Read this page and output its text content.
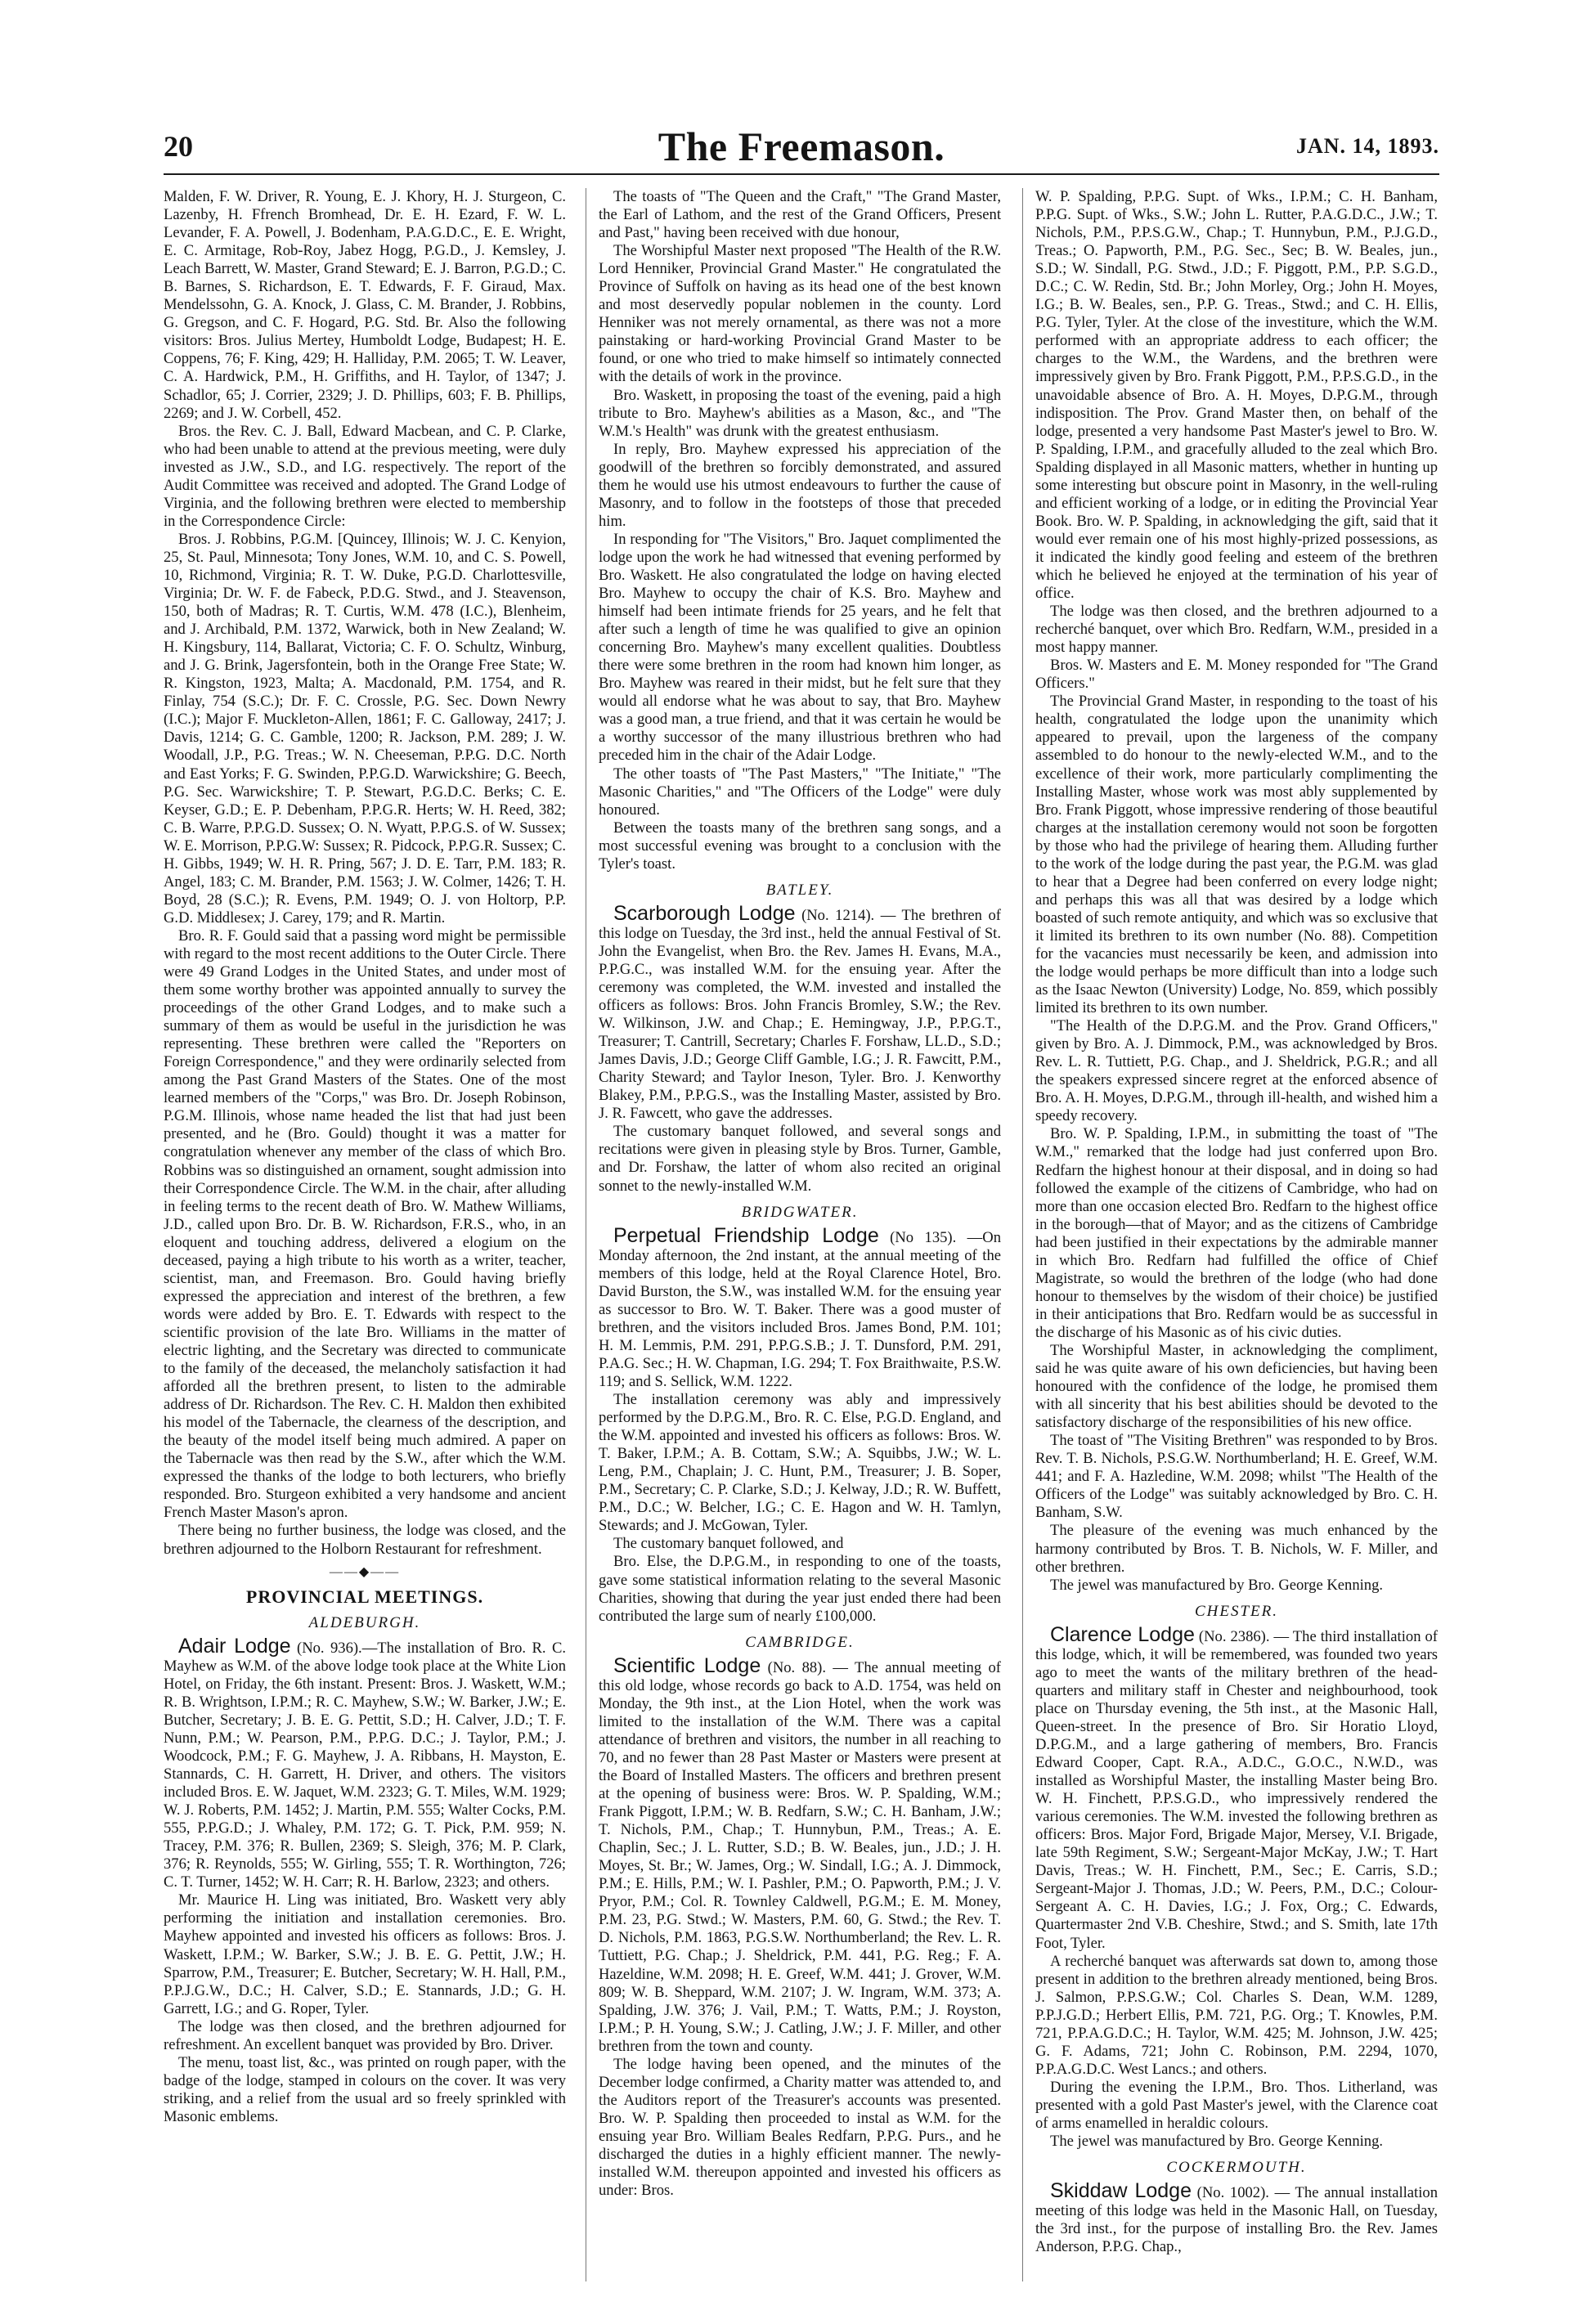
20	The Freemason.	JAN. 14, 1893.

Malden, F. W. Driver, R. Young, E. J. Khory, H. J. Sturgeon, C. Lazenby, H. Ffrench Bromhead, Dr. E. H. Ezard, F. W. L. Levander, F. A. Powell, J. Bodenham, P.A.G.D.C., E. E. Wright, E. C. Armitage, Rob-Roy, Jabez Hogg, P.G.D., J. Kemsley, J. Leach Barrett, W. Master, Grand Steward; E. J. Barron, P.G.D.; C. B. Barnes, S. Richardson, E. T. Edwards, F. F. Giraud, Max. Mendelssohn, G. A. Knock, J. Glass, C. M. Brander, J. Robbins, G. Gregson, and C. F. Hogard, P.G. Std. Br. Also the following visitors: Bros. Julius Mertey, Humboldt Lodge, Budapest; H. E. Coppens, 76; F. King, 429; H. Halliday, P.M. 2065; T. W. Leaver, C. A. Hardwick, P.M., H. Griffiths, and H. Taylor, of 1347; J. Schadlor, 65; J. Corrier, 2329; J. D. Phillips, 603; F. B. Phillips, 2269; and J. W. Corbell, 452.

Bros. the Rev. C. J. Ball, Edward Macbean, and C. P. Clarke, who had been unable to attend at the previous meeting, were duly invested as J.W., S.D., and I.G. respectively. The report of the Audit Committee was received and adopted. The Grand Lodge of Virginia, and the following brethren were elected to membership in the Correspondence Circle:

Bros. J. Robbins, P.G.M. [Quincey, Illinois; W. J. C. Kenyion, 25, St. Paul, Minnesota; Tony Jones, W.M. 10, and C. S. Powell, 10, Richmond, Virginia; R. T. W. Duke, P.G.D. Charlottesville, Virginia; Dr. W. F. de Fabeck, P.D.G. Stwd., and J. Steavenson, 150, both of Madras; R. T. Curtis, W.M. 478 (I.C.), Blenheim, and J. Archibald, P.M. 1372, Warwick, both in New Zealand; W. H. Kingsbury, 114, Ballarat, Victoria; C. F. O. Schultz, Winburg, and J. G. Brink, Jagersfontein, both in the Orange Free State; W. R. Kingston, 1923, Malta; A. Macdonald, P.M. 1754, and R. Finlay, 754 (S.C.); Dr. F. C. Crossle, P.G. Sec. Down Newry (I.C.); Major F. Muckleton-Allen, 1861; F. C. Galloway, 2417; J. Davis, 1214; G. C. Gamble, 1200; R. Jackson, P.M. 289; J. W. Woodall, J.P., P.G. Treas.; W. N. Cheeseman, P.P.G. D.C. North and East Yorks; F. G. Swinden, P.P.G.D. Warwickshire; G. Beech, P.G. Sec. Warwickshire; T. P. Stewart, P.G.D.C. Berks; C. E. Keyser, G.D.; E. P. Debenham, P.P.G.R. Herts; W. H. Reed, 382; C. B. Warre, P.P.G.D. Sussex; O. N. Wyatt, P.P.G.S. of W. Sussex; W. E. Morrison, P.P.G.W: Sussex; R. Pidcock, P.P.G.R. Sussex; C. H. Gibbs, 1949; W. H. R. Pring, 567; J. D. E. Tarr, P.M. 183; R. Angel, 183; C. M. Brander, P.M. 1563; J. W. Colmer, 1426; T. H. Boyd, 28 (S.C.); R. Evens, P.M. 1949; O. J. von Holtorp, P.P. G.D. Middlesex; J. Carey, 179; and R. Martin.

Bro. R. F. Gould said that a passing word might be permissible with regard to the most recent additions to the Outer Circle. There were 49 Grand Lodges in the United States, and under most of them some worthy brother was appointed annually to survey the proceedings of the other Grand Lodges, and to make such a summary of them as would be useful in the jurisdiction he was representing. These brethren were called the "Reporters on Foreign Correspondence," and they were ordinarily selected from among the Past Grand Masters of the States. One of the most learned members of the "Corps," was Bro. Dr. Joseph Robinson, P.G.M. Illinois, whose name headed the list that had just been presented, and he (Bro. Gould) thought it was a matter for congratulation whenever any member of the class of which Bro. Robbins was so distinguished an ornament, sought admission into their Correspondence Circle. The W.M. in the chair, after alluding in feeling terms to the recent death of Bro. W. Mathew Williams, J.D., called upon Bro. Dr. B. W. Richardson, F.R.S., who, in an eloquent and touching address, delivered a elogium on the deceased, paying a high tribute to his worth as a writer, teacher, scientist, man, and Freemason. Bro. Gould having briefly expressed the appreciation and interest of the brethren, a few words were added by Bro. E. T. Edwards with respect to the scientific provision of the late Bro. Williams in the matter of electric lighting, and the Secretary was directed to communicate to the family of the deceased, the melancholy satisfaction it had afforded all the brethren present, to listen to the admirable address of Dr. Richardson. The Rev. C. H. Maldon then exhibited his model of the Tabernacle, the clearness of the description, and the beauty of the model itself being much admired. A paper on the Tabernacle was then read by the S.W., after which the W.M. expressed the thanks of the lodge to both lecturers, who briefly responded. Bro. Sturgeon exhibited a very handsome and ancient French Master Mason's apron.

There being no further business, the lodge was closed, and the brethren adjourned to the Holborn Restaurant for refreshment.

——◆——
PROVINCIAL MEETINGS.
ALDEBURGH.

Adair Lodge (No. 936).—The installation of Bro. R. C. Mayhew as W.M. of the above lodge took place at the White Lion Hotel, on Friday, the 6th instant. Present: Bros. J. Waskett, W.M.; R. B. Wrightson, I.P.M.; R. C. Mayhew, S.W.; W. Barker, J.W.; E. Butcher, Secretary; J. B. E. G. Pettit, S.D.; H. Calver, J.D.; T. F. Nunn, P.M.; W. Pearson, P.M., P.P.G. D.C.; J. Taylor, P.M.; J. Woodcock, P.M.; F. G. Mayhew, J. A. Ribbans, H. Mayston, E. Stannards, C. H. Garrett, H. Driver, and others. The visitors included Bros. E. W. Jaquet, W.M. 2323; G. T. Miles, W.M. 1929; W. J. Roberts, P.M. 1452; J. Martin, P.M. 555; Walter Cocks, P.M. 555, P.P.G.D.; J. Whaley, P.M. 172; G. T. Pick, P.M. 959; N. Tracey, P.M. 376; R. Bullen, 2369; S. Sleigh, 376; M. P. Clark, 376; R. Reynolds, 555; W. Girling, 555; T. R. Worthington, 726; C. T. Turner, 1452; W. H. Carr; R. H. Barlow, 2323; and others.

Mr. Maurice H. Ling was initiated, Bro. Waskett very ably performing the initiation and installation ceremonies. Bro. Mayhew appointed and invested his officers as follows: Bros. J. Waskett, I.P.M.; W. Barker, S.W.; J. B. E. G. Pettit, J.W.; H. Sparrow, P.M., Treasurer; E. Butcher, Secretary; W. H. Hall, P.M., P.P.J.G.W., D.C.; H. Calver, S.D.; E. Stannards, J.D.; G. H. Garrett, I.G.; and G. Roper, Tyler.

The lodge was then closed, and the brethren adjourned for refreshment. An excellent banquet was provided by Bro. Driver.

The menu, toast list, &c., was printed on rough paper, with the badge of the lodge, stamped in colours on the cover. It was very striking, and a relief from the usual ard so freely sprinkled with Masonic emblems.

The toasts of "The Queen and the Craft," "The Grand Master, the Earl of Lathom, and the rest of the Grand Officers, Present and Past," having been received with due honour,

The Worshipful Master next proposed "The Health of the R.W. Lord Henniker, Provincial Grand Master." He congratulated the Province of Suffolk on having as its head one of the best known and most deservedly popular noblemen in the county. Lord Henniker was not merely ornamental, as there was not a more painstaking or hard-working Provincial Grand Master to be found, or one who tried to make himself so intimately connected with the details of work in the province.

Bro. Waskett, in proposing the toast of the evening, paid a high tribute to Bro. Mayhew's abilities as a Mason, &c., and "The W.M.'s Health" was drunk with the greatest enthusiasm.

In reply, Bro. Mayhew expressed his appreciation of the goodwill of the brethren so forcibly demonstrated, and assured them he would use his utmost endeavours to further the cause of Masonry, and to follow in the footsteps of those that preceded him.

In responding for "The Visitors," Bro. Jaquet complimented the lodge upon the work he had witnessed that evening performed by Bro. Waskett. He also congratulated the lodge on having elected Bro. Mayhew to occupy the chair of K.S. Bro. Mayhew and himself had been intimate friends for 25 years, and he felt that after such a length of time he was qualified to give an opinion concerning Bro. Mayhew's many excellent qualities. Doubtless there were some brethren in the room had known him longer, as Bro. Mayhew was reared in their midst, but he felt sure that they would all endorse what he was about to say, that Bro. Mayhew was a good man, a true friend, and that it was certain he would be a worthy successor of the many illustrious brethren who had preceded him in the chair of the Adair Lodge.

The other toasts of "The Past Masters," "The Initiate," "The Masonic Charities," and "The Officers of the Lodge" were duly honoured.

Between the toasts many of the brethren sang songs, and a most successful evening was brought to a conclusion with the Tyler's toast.

BATLEY.

Scarborough Lodge (No. 1214). — The brethren of this lodge on Tuesday, the 3rd inst., held the annual Festival of St. John the Evangelist, when Bro. the Rev. James H. Evans, M.A., P.P.G.C., was installed W.M. for the ensuing year. After the ceremony was completed, the W.M. invested and installed the officers as follows: Bros. John Francis Bromley, S.W.; the Rev. W. Wilkinson, J.W. and Chap.; E. Hemingway, J.P., P.P.G.T., Treasurer; T. Cantrill, Secretary; Charles F. Forshaw, LL.D., S.D.; James Davis, J.D.; George Cliff Gamble, I.G.; J. R. Fawcitt, P.M., Charity Steward; and Taylor Ineson, Tyler. Bro. J. Kenworthy Blakey, P.M., P.P.G.S., was the Installing Master, assisted by Bro. J. R. Fawcett, who gave the addresses.

The customary banquet followed, and several songs and recitations were given in pleasing style by Bros. Turner, Gamble, and Dr. Forshaw, the latter of whom also recited an original sonnet to the newly-installed W.M.

BRIDGWATER.

Perpetual Friendship Lodge (No 135). —On Monday afternoon, the 2nd instant, at the annual meeting of the members of this lodge, held at the Royal Clarence Hotel, Bro. David Burston, the S.W., was installed W.M. for the ensuing year as successor to Bro. W. T. Baker. There was a good muster of brethren, and the visitors included Bros. James Bond, P.M. 101; H. M. Lemmis, P.M. 291, P.P.G.S.B.; J. T. Dunsford, P.M. 291, P.A.G. Sec.; H. W. Chapman, I.G. 294; T. Fox Braithwaite, P.S.W. 119; and S. Sellick, W.M. 1222.

The installation ceremony was ably and impressively performed by the D.P.G.M., Bro. R. C. Else, P.G.D. England, and the W.M. appointed and invested his officers as follows: Bros. W. T. Baker, I.P.M.; A. B. Cottam, S.W.; A. Squibbs, J.W.; W. L. Leng, P.M., Chaplain; J. C. Hunt, P.M., Treasurer; J. B. Soper, P.M., Secretary; C. P. Clarke, S.D.; J. Kelway, J.D.; R. W. Buffett, P.M., D.C.; W. Belcher, I.G.; C. E. Hagon and W. H. Tamlyn, Stewards; and J. McGowan, Tyler.

The customary banquet followed, and

Bro. Else, the D.P.G.M., in responding to one of the toasts, gave some statistical information relating to the several Masonic Charities, showing that during the year just ended there had been contributed the large sum of nearly £100,000.

CAMBRIDGE.

Scientific Lodge (No. 88). — The annual meeting of this old lodge, whose records go back to A.D. 1754, was held on Monday, the 9th inst., at the Lion Hotel, when the work was limited to the installation of the W.M. There was a capital attendance of brethren and visitors, the number in all reaching to 70, and no fewer than 28 Past Master or Masters were present at the Board of Installed Masters. The officers and brethren present at the opening of business were: Bros. W. P. Spalding, W.M.; Frank Piggott, I.P.M.; W. B. Redfarn, S.W.; C. H. Banham, J.W.; T. Nichols, P.M., Chap.; T. Hunnybun, P.M., Treas.; A. E. Chaplin, Sec.; J. L. Rutter, S.D.; B. W. Beales, jun., J.D.; J. H. Moyes, St. Br.; W. James, Org.; W. Sindall, I.G.; A. J. Dimmock, P.M.; E. Hills, P.M.; W. I. Pashler, P.M.; O. Papworth, P.M.; J. V. Pryor, P.M.; Col. R. Townley Caldwell, P.G.M.; E. M. Money, P.M. 23, P.G. Stwd.; W. Masters, P.M. 60, G. Stwd.; the Rev. T. D. Nichols, P.M. 1863, P.G.S.W. Northumberland; the Rev. L. R. Tuttiett, P.G. Chap.; J. Sheldrick, P.M. 441, P.G. Reg.; F. A. Hazeldine, W.M. 2098; H. E. Greef, W.M. 441; J. Grover, W.M. 809; W. B. Sheppard, W.M. 2107; J. W. Ingram, W.M. 373; A. Spalding, J.W. 376; J. Vail, P.M.; T. Watts, P.M.; J. Royston, I.P.M.; P. H. Young, S.W.; J. Catling, J.W.; J. F. Miller, and other brethren from the town and county.

The lodge having been opened, and the minutes of the December lodge confirmed, a Charity matter was attended to, and the Auditors report of the Treasurer's accounts was presented. Bro. W. P. Spalding then proceeded to instal as W.M. for the ensuing year Bro. William Beales Redfarn, P.P.G. Purs., and he discharged the duties in a highly efficient manner. The newly-installed W.M. thereupon appointed and invested his officers as under: Bros.

W. P. Spalding, P.P.G. Supt. of Wks., I.P.M.; C. H. Banham, P.P.G. Supt. of Wks., S.W.; John L. Rutter, P.A.G.D.C., J.W.; T. Nichols, P.M., P.P.S.G.W., Chap.; T. Hunnybun, P.M., P.J.G.D., Treas.; O. Papworth, P.M., P.G. Sec., Sec; B. W. Beales, jun., S.D.; W. Sindall, P.G. Stwd., J.D.; F. Piggott, P.M., P.P. S.G.D., D.C.; C. W. Redin, Std. Br.; John Morley, Org.; John H. Moyes, I.G.; B. W. Beales, sen., P.P. G. Treas., Stwd.; and C. H. Ellis, P.G. Tyler, Tyler. At the close of the investiture, which the W.M. performed with an appropriate address to each officer; the charges to the W.M., the Wardens, and the brethren were impressively given by Bro. Frank Piggott, P.M., P.P.S.G.D., in the unavoidable absence of Bro. A. H. Moyes, D.P.G.M., through indisposition. The Prov. Grand Master then, on behalf of the lodge, presented a very handsome Past Master's jewel to Bro. W. P. Spalding, I.P.M., and gracefully alluded to the zeal which Bro. Spalding displayed in all Masonic matters, whether in hunting up some interesting but obscure point in Masonry, in the well-ruling and efficient working of a lodge, or in editing the Provincial Year Book. Bro. W. P. Spalding, in acknowledging the gift, said that it would ever remain one of his most highly-prized possessions, as it indicated the kindly good feeling and esteem of the brethren which he believed he enjoyed at the termination of his year of office.

The lodge was then closed, and the brethren adjourned to a recherché banquet, over which Bro. Redfarn, W.M., presided in a most happy manner.

Bros. W. Masters and E. M. Money responded for "The Grand Officers."

The Provincial Grand Master, in responding to the toast of his health, congratulated the lodge upon the unanimity which appeared to prevail, upon the largeness of the company assembled to do honour to the newly-elected W.M., and to the excellence of their work, more particularly complimenting the Installing Master, whose work was most ably supplemented by Bro. Frank Piggott, whose impressive rendering of those beautiful charges at the installation ceremony would not soon be forgotten by those who had the privilege of hearing them. Alluding further to the work of the lodge during the past year, the P.G.M. was glad to hear that a Degree had been conferred on every lodge night; and perhaps this was all that was desired by a lodge which boasted of such remote antiquity, and which was so exclusive that it limited its brethren to its own number (No. 88). Competition for the vacancies must necessarily be keen, and admission into the lodge would perhaps be more difficult than into a lodge such as the Isaac Newton (University) Lodge, No. 859, which possibly limited its brethren to its own number.

"The Health of the D.P.G.M. and the Prov. Grand Officers," given by Bro. A. J. Dimmock, P.M., was acknowledged by Bros. Rev. L. R. Tuttiett, P.G. Chap., and J. Sheldrick, P.G.R.; and all the speakers expressed sincere regret at the enforced absence of Bro. A. H. Moyes, D.P.G.M., through ill-health, and wished him a speedy recovery.

Bro. W. P. Spalding, I.P.M., in submitting the toast of "The W.M.," remarked that the lodge had just conferred upon Bro. Redfarn the highest honour at their disposal, and in doing so had followed the example of the citizens of Cambridge, who had on more than one occasion elected Bro. Redfarn to the highest office in the borough—that of Mayor; and as the citizens of Cambridge had been justified in their expectations by the admirable manner in which Bro. Redfarn had fulfilled the office of Chief Magistrate, so would the brethren of the lodge (who had done honour to themselves by the wisdom of their choice) be justified in their anticipations that Bro. Redfarn would be as successful in the discharge of his Masonic as of his civic duties.

The Worshipful Master, in acknowledging the compliment, said he was quite aware of his own deficiencies, but having been honoured with the confidence of the lodge, he promised them with all sincerity that his best abilities should be devoted to the satisfactory discharge of the responsibilities of his new office.

The toast of "The Visiting Brethren" was responded to by Bros. Rev. T. B. Nichols, P.S.G.W. Northumberland; H. E. Greef, W.M. 441; and F. A. Hazledine, W.M. 2098; whilst "The Health of the Officers of the Lodge" was suitably acknowledged by Bro. C. H. Banham, S.W.

The pleasure of the evening was much enhanced by the harmony contributed by Bros. T. B. Nichols, W. F. Miller, and other brethren.

The jewel was manufactured by Bro. George Kenning.

CHESTER.

Clarence Lodge (No. 2386). — The third installation of this lodge, which, it will be remembered, was founded two years ago to meet the wants of the military brethren of the head-quarters and military staff in Chester and neighbourhood, took place on Thursday evening, the 5th inst., at the Masonic Hall, Queen-street. In the presence of Bro. Sir Horatio Lloyd, D.P.G.M., and a large gathering of members, Bro. Francis Edward Cooper, Capt. R.A., A.D.C., G.O.C., N.W.D., was installed as Worshipful Master, the installing Master being Bro. W. H. Finchett, P.P.S.G.D., who impressively rendered the various ceremonies. The W.M. invested the following brethren as officers: Bros. Major Ford, Brigade Major, Mersey, V.I. Brigade, late 59th Regiment, S.W.; Sergeant-Major McKay, J.W.; T. Hart Davis, Treas.; W. H. Finchett, P.M., Sec.; E. Carris, S.D.; Sergeant-Major J. Thomas, J.D.; W. Peers, P.M., D.C.; Colour-Sergeant A. C. H. Davies, I.G.; J. Fox, Org.; C. Edwards, Quartermaster 2nd V.B. Cheshire, Stwd.; and S. Smith, late 17th Foot, Tyler.

A recherché banquet was afterwards sat down to, among those present in addition to the brethren already mentioned, being Bros. J. Salmon, P.P.S.G.W.; Col. Charles S. Dean, W.M. 1289, P.P.J.G.D.; Herbert Ellis, P.M. 721, P.G. Org.; T. Knowles, P.M. 721, P.P.A.G.D.C.; H. Taylor, W.M. 425; M. Johnson, J.W. 425; G. F. Adams, 721; John C. Robinson, P.M. 2294, 1070, P.P.A.G.D.C. West Lancs.; and others.

During the evening the I.P.M., Bro. Thos. Litherland, was presented with a gold Past Master's jewel, with the Clarence coat of arms enamelled in heraldic colours.

The jewel was manufactured by Bro. George Kenning.

COCKERMOUTH.

Skiddaw Lodge (No. 1002). — The annual installation meeting of this lodge was held in the Masonic Hall, on Tuesday, the 3rd inst., for the purpose of installing Bro. the Rev. James Anderson, P.P.G. Chap.,
